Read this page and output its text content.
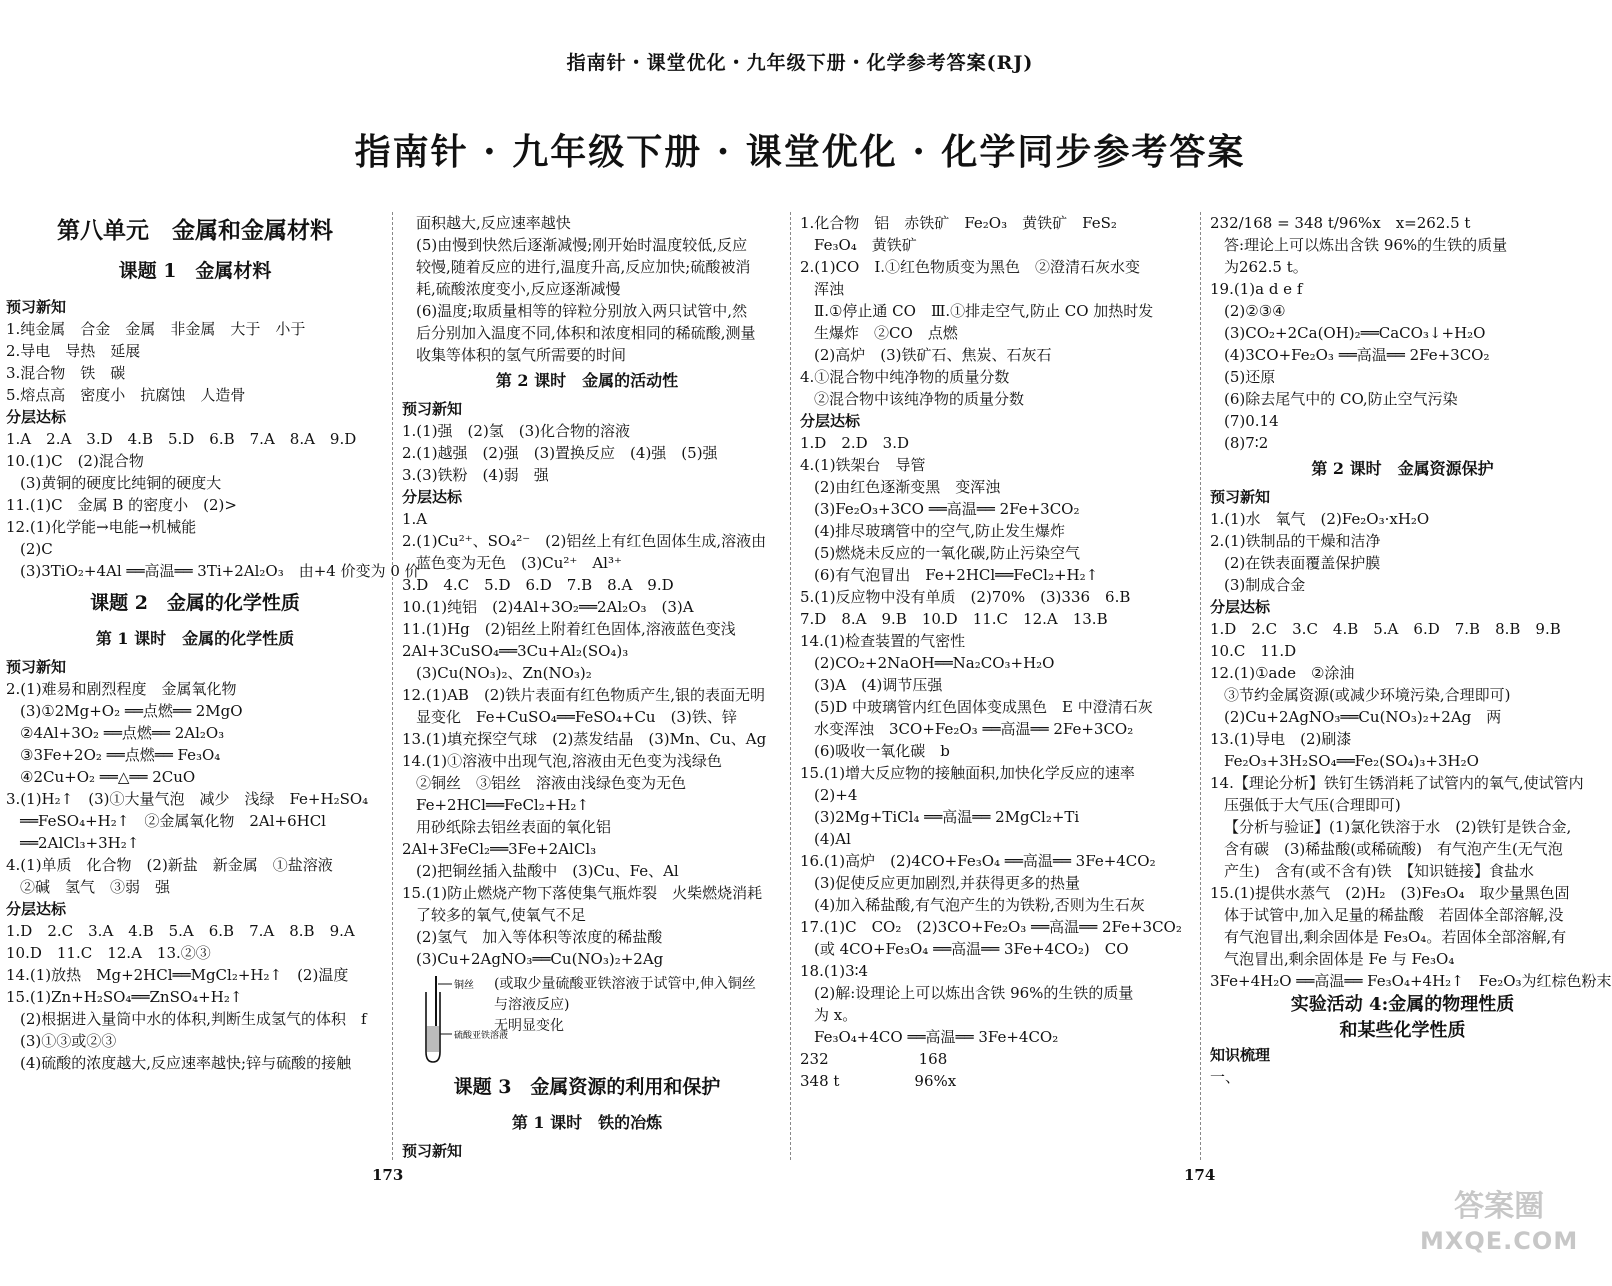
指南针・课堂优化・九年级下册・化学参考答案(RJ)
指南针 · 九年级下册 · 课堂优化 · 化学同步参考答案
第八单元　金属和金属材料
课题 1　金属材料
预习新知
1.纯金属　合金　金属　非金属　大于　小于
2.导电　导热　延展
3.混合物　铁　碳
5.熔点高　密度小　抗腐蚀　人造骨
分层达标
1.A　2.A　3.D　4.B　5.D　6.B　7.A　8.A　9.D
10.(1)C　(2)混合物
(3)黄铜的硬度比纯铜的硬度大
11.(1)C　金属 B 的密度小　(2)>
12.(1)化学能→电能→机械能
(2)C
(3)3TiO₂+4Al ══高温══ 3Ti+2Al₂O₃　由+4 价变为 0 价
课题 2　金属的化学性质
第 1 课时　金属的化学性质
预习新知
2.(1)难易和剧烈程度　金属氧化物
(3)①2Mg+O₂ ══点燃══ 2MgO
②4Al+3O₂ ══点燃══ 2Al₂O₃
③3Fe+2O₂ ══点燃══ Fe₃O₄
④2Cu+O₂ ══△══ 2CuO
3.(1)H₂↑　(3)①大量气泡　减少　浅绿　Fe+H₂SO₄
══FeSO₄+H₂↑　②金属氧化物　2Al+6HCl
══2AlCl₃+3H₂↑
4.(1)单质　化合物　(2)新盐　新金属　①盐溶液
②碱　氢气　③弱　强
分层达标
1.D　2.C　3.A　4.B　5.A　6.B　7.A　8.B　9.A
10.D　11.C　12.A　13.②③
14.(1)放热　Mg+2HCl══MgCl₂+H₂↑　(2)温度
15.(1)Zn+H₂SO₄══ZnSO₄+H₂↑
(2)根据进入量筒中水的体积,判断生成氢气的体积　f
(3)①③或②③
(4)硫酸的浓度越大,反应速率越快;锌与硫酸的接触
面积越大,反应速率越快
(5)由慢到快然后逐渐减慢;刚开始时温度较低,反应
较慢,随着反应的进行,温度升高,反应加快;硫酸被消
耗,硫酸浓度变小,反应逐渐减慢
(6)温度;取质量相等的锌粒分别放入两只试管中,然
后分别加入温度不同,体积和浓度相同的稀硫酸,测量
收集等体积的氢气所需要的时间
第 2 课时　金属的活动性
预习新知
1.(1)强　(2)氢　(3)化合物的溶液
2.(1)越强　(2)强　(3)置换反应　(4)强　(5)强
3.(3)铁粉　(4)弱　强
分层达标
1.A
2.(1)Cu²⁺、SO₄²⁻　(2)铝丝上有红色固体生成,溶液由
蓝色变为无色　(3)Cu²⁺　Al³⁺
3.D　4.C　5.D　6.D　7.B　8.A　9.D
10.(1)纯铝　(2)4Al+3O₂══2Al₂O₃　(3)A
11.(1)Hg　(2)铝丝上附着红色固体,溶液蓝色变浅
2Al+3CuSO₄══3Cu+Al₂(SO₄)₃
(3)Cu(NO₃)₂、Zn(NO₃)₂
12.(1)AB　(2)铁片表面有红色物质产生,银的表面无明
显变化　Fe+CuSO₄══FeSO₄+Cu　(3)铁、锌
13.(1)填充探空气球　(2)蒸发结晶　(3)Mn、Cu、Ag
14.(1)①溶液中出现气泡,溶液由无色变为浅绿色
②铜丝　③铝丝　溶液由浅绿色变为无色
Fe+2HCl══FeCl₂+H₂↑
用砂纸除去铝丝表面的氧化铝
2Al+3FeCl₂══3Fe+2AlCl₃
(2)把铜丝插入盐酸中　(3)Cu、Fe、Al
15.(1)防止燃烧产物下落使集气瓶炸裂　火柴燃烧消耗
了较多的氧气,使氧气不足
(2)氢气　加入等体积等浓度的稀盐酸
(3)Cu+2AgNO₃══Cu(NO₃)₂+2Ag
铜丝
硫酸亚铁溶液
(或取少量硫酸亚铁溶液于试管中,伸入铜丝与溶液反应)
无明显变化
课题 3　金属资源的利用和保护
第 1 课时　铁的冶炼
预习新知
1.化合物　铝　赤铁矿　Fe₂O₃　黄铁矿　FeS₂
Fe₃O₄　黄铁矿
2.(1)CO　Ⅰ.①红色物质变为黑色　②澄清石灰水变
浑浊
Ⅱ.①停止通 CO　Ⅲ.①排走空气,防止 CO 加热时发
生爆炸　②CO　点燃
(2)高炉　(3)铁矿石、焦炭、石灰石
4.①混合物中纯净物的质量分数
②混合物中该纯净物的质量分数
分层达标
1.D　2.D　3.D
4.(1)铁架台　导管
(2)由红色逐渐变黑　变浑浊
(3)Fe₂O₃+3CO ══高温══ 2Fe+3CO₂
(4)排尽玻璃管中的空气,防止发生爆炸
(5)燃烧未反应的一氧化碳,防止污染空气
(6)有气泡冒出　Fe+2HCl══FeCl₂+H₂↑
5.(1)反应物中没有单质　(2)70%　(3)336　6.B
7.D　8.A　9.B　10.D　11.C　12.A　13.B
14.(1)检查装置的气密性
(2)CO₂+2NaOH══Na₂CO₃+H₂O
(3)A　(4)调节压强
(5)D 中玻璃管内红色固体变成黑色　E 中澄清石灰
水变浑浊　3CO+Fe₂O₃ ══高温══ 2Fe+3CO₂
(6)吸收一氧化碳　b
15.(1)增大反应物的接触面积,加快化学反应的速率
(2)+4
(3)2Mg+TiCl₄ ══高温══ 2MgCl₂+Ti
(4)Al
16.(1)高炉　(2)4CO+Fe₃O₄ ══高温══ 3Fe+4CO₂
(3)促使反应更加剧烈,并获得更多的热量
(4)加入稀盐酸,有气泡产生的为铁粉,否则为生石灰
17.(1)C　CO₂　(2)3CO+Fe₂O₃ ══高温══ 2Fe+3CO₂
(或 4CO+Fe₃O₄ ══高温══ 3Fe+4CO₂)　CO
18.(1)3∶4
(2)解:设理论上可以炼出含铁 96%的生铁的质量
为 x。
Fe₃O₄+4CO ══高温══ 3Fe+4CO₂
232　　　　　　168
348 t　　　　　96%x
232/168 = 348 t/96%x　x=262.5 t
答:理论上可以炼出含铁 96%的生铁的质量
为262.5 t。
19.(1)a d e f
(2)②③④
(3)CO₂+2Ca(OH)₂══CaCO₃↓+H₂O
(4)3CO+Fe₂O₃ ══高温══ 2Fe+3CO₂
(5)还原
(6)除去尾气中的 CO,防止空气污染
(7)0.14
(8)7∶2
第 2 课时　金属资源保护
预习新知
1.(1)水　氧气　(2)Fe₂O₃·xH₂O
2.(1)铁制品的干燥和洁净
(2)在铁表面覆盖保护膜
(3)制成合金
分层达标
1.D　2.C　3.C　4.B　5.A　6.D　7.B　8.B　9.B
10.C　11.D
12.(1)①ade　②涂油
③节约金属资源(或减少环境污染,合理即可)
(2)Cu+2AgNO₃══Cu(NO₃)₂+2Ag　两
13.(1)导电　(2)刷漆
Fe₂O₃+3H₂SO₄══Fe₂(SO₄)₃+3H₂O
14.【理论分析】铁钉生锈消耗了试管内的氧气,使试管内
压强低于大气压(合理即可)
【分析与验证】(1)氯化铁溶于水　(2)铁钉是铁合金,
含有碳　(3)稀盐酸(或稀硫酸)　有气泡产生(无气泡
产生)　含有(或不含有)铁　【知识链接】食盐水
15.(1)提供水蒸气　(2)H₂　(3)Fe₃O₄　取少量黑色固
体于试管中,加入足量的稀盐酸　若固体全部溶解,没
有气泡冒出,剩余固体是 Fe₃O₄。若固体全部溶解,有
气泡冒出,剩余固体是 Fe 与 Fe₃O₄
3Fe+4H₂O ══高温══ Fe₃O₄+4H₂↑　Fe₂O₃为红棕色粉末
实验活动 4:金属的物理性质
和某些化学性质
知识梳理
一、
173	174
答案圈
MXQE.COM
